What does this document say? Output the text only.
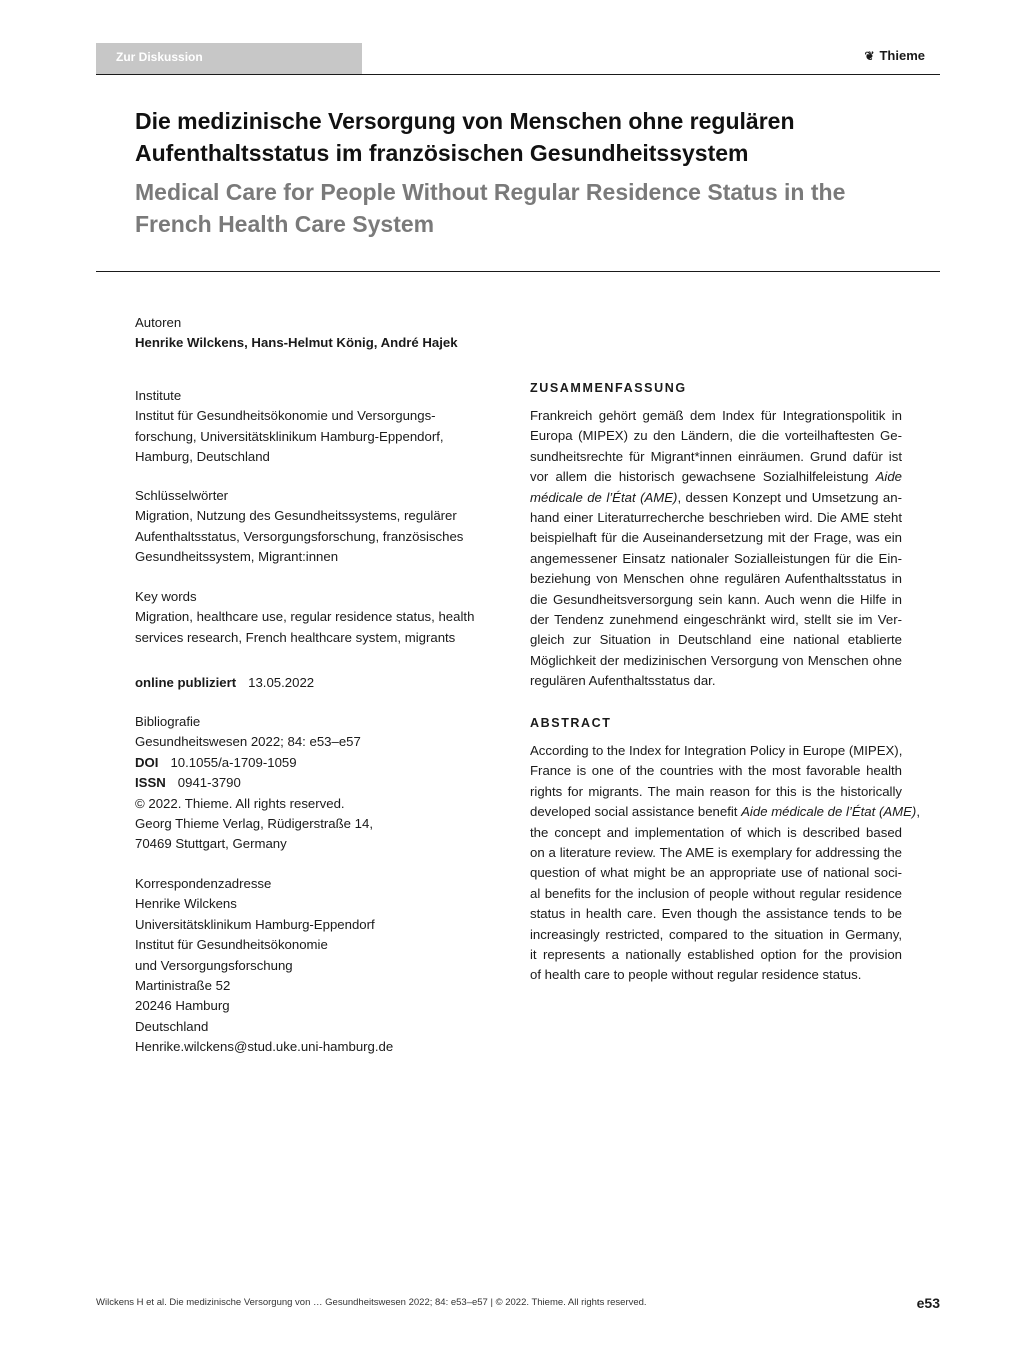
Zur Diskussion	❦ Thieme
Die medizinische Versorgung von Menschen ohne regulären
Aufenthaltsstatus im französischen Gesundheitssystem
Medical Care for People Without Regular Residence Status in the
French Health Care System
Autoren
Henrike Wilckens, Hans-Helmut König, André Hajek
Institute
Institut für Gesundheitsökonomie und Versorgungs-
forschung, Universitätsklinikum Hamburg-Eppendorf,
Hamburg, Deutschland
Schlüsselwörter
Migration, Nutzung des Gesundheitssystems, regulärer
Aufenthaltsstatus, Versorgungsforschung, französisches
Gesundheitssystem, Migrant:innen
Key words
Migration, healthcare use, regular residence status, health
services research, French healthcare system, migrants
online publiziert 13.05.2022
Bibliografie
Gesundheitswesen 2022; 84: e53–e57
DOI 10.1055/a-1709-1059
ISSN 0941-3790
© 2022. Thieme. All rights reserved.
Georg Thieme Verlag, Rüdigerstraße 14,
70469 Stuttgart, Germany
Korrespondenzadresse
Henrike Wilckens
Universitätsklinikum Hamburg-Eppendorf
Institut für Gesundheitsökonomie
und Versorgungsforschung
Martinistraße 52
20246 Hamburg
Deutschland
Henrike.wilckens@stud.uke.uni-hamburg.de
ZUSAMMENFASSUNG
Frankreich gehört gemäß dem Index für Integrationspolitik in
Europa (MIPEX) zu den Ländern, die die vorteilhaftesten Ge-
sundheitsrechte für Migrant*innen einräumen. Grund dafür ist
vor allem die historisch gewachsene Sozialhilfeleistung Aide
médicale de l’État (AME), dessen Konzept und Umsetzung an-
hand einer Literaturrecherche beschrieben wird. Die AME steht
beispielhaft für die Auseinandersetzung mit der Frage, was ein
angemessener Einsatz nationaler Sozialleistungen für die Ein-
beziehung von Menschen ohne regulären Aufenthaltsstatus in
die Gesundheitsversorgung sein kann. Auch wenn die Hilfe in
der Tendenz zunehmend eingeschränkt wird, stellt sie im Ver-
gleich zur Situation in Deutschland eine national etablierte
Möglichkeit der medizinischen Versorgung von Menschen ohne
regulären Aufenthaltsstatus dar.
ABSTRACT
According to the Index for Integration Policy in Europe (MIPEX),
France is one of the countries with the most favorable health
rights for migrants. The main reason for this is the historically
developed social assistance benefit Aide médicale de l’État (AME),
the concept and implementation of which is described based
on a literature review. The AME is exemplary for addressing the
question of what might be an appropriate use of national soci-
al benefits for the inclusion of people without regular residence
status in health care. Even though the assistance tends to be
increasingly restricted, compared to the situation in Germany,
it represents a nationally established option for the provision
of health care to people without regular residence status.
Wilckens H et al. Die medizinische Versorgung von … Gesundheitswesen 2022; 84: e53–e57 | © 2022. Thieme. All rights reserved.	e53
